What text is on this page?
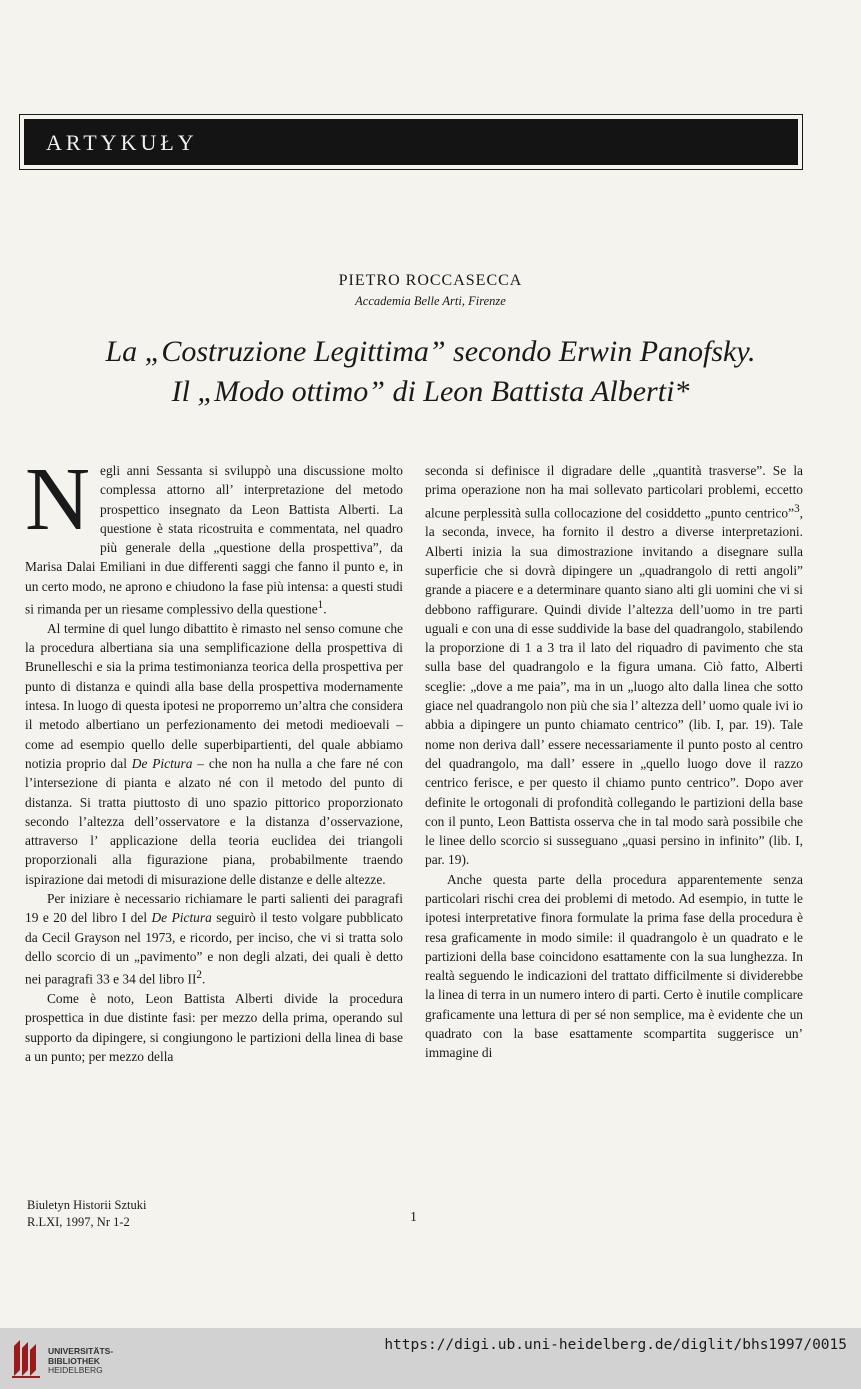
ARTYKUŁY
PIETRO ROCCASECCA
Accademia Belle Arti, Firenze
La „Costruzione Legittima” secondo Erwin Panofsky.
Il „Modo ottimo” di Leon Battista Alberti*

Negli anni Sessanta si sviluppò una discussione molto complessa attorno all’ interpretazione del metodo prospettico insegnato da Leon Battista Alberti. La questione è stata ricostruita e commentata, nel quadro più generale della „questione della prospettiva”, da Marisa Dalai Emiliani in due differenti saggi che fanno il punto e, in un certo modo, ne aprono e chiudono la fase più intensa: a questi studi si rimanda per un riesame complessivo della questione$^1$.

Al termine di quel lungo dibattito è rimasto nel senso comune che la procedura albertiana sia una semplificazione della prospettiva di Brunelleschi e sia la prima testimonianza teorica della prospettiva per punto di distanza e quindi alla base della prospettiva modernamente intesa. In luogo di questa ipotesi ne proporremo un’altra che considera il metodo albertiano un perfezionamento dei metodi medioevali – come ad esempio quello delle superbipartienti, del quale abbiamo notizia proprio dal De Pictura – che non ha nulla a che fare né con l’intersezione di pianta e alzato né con il metodo del punto di distanza. Si tratta piuttosto di uno spazio pittorico proporzionato secondo l’altezza dell’osservatore e la distanza d’osservazione, attraverso l’ applicazione della teoria euclidea dei triangoli proporzionali alla figurazione piana, probabilmente traendo ispirazione dai metodi di misurazione delle distanze e delle altezze.

Per iniziare è necessario richiamare le parti salienti dei paragrafi 19 e 20 del libro I del De Pictura seguirò il testo volgare pubblicato da Cecil Grayson nel 1973, e ricordo, per inciso, che vi si tratta solo dello scorcio di un „pavimento” e non degli alzati, dei quali è detto nei paragrafi 33 e 34 del libro $II^2$.

Come è noto, Leon Battista Alberti divide la procedura prospettica in due distinte fasi: per mezzo della prima, operando sul supporto da dipingere, si congiungono le partizioni della linea di base a un punto; per mezzo della

seconda si definisce il digradare delle „quantità trasverse”. Se la prima operazione non ha mai sollevato particolari problemi, eccetto alcune perplessità sulla collocazione del cosiddetto „punto centrico”$^3$, la seconda, invece, ha fornito il destro a diverse interpretazioni. Alberti inizia la sua dimostrazione invitando a disegnare sulla superficie che si dovrà dipingere un „quadrangolo di retti angoli” grande a piacere e a determinare quanto siano alti gli uomini che vi si debbono raffigurare. Quindi divide l’altezza dell’uomo in tre parti uguali e con una di esse suddivide la base del quadrangolo, stabilendo la proporzione di 1 a 3 tra il lato del riquadro di pavimento che sta sulla base del quadrangolo e la figura umana. Ciò fatto, Alberti sceglie: „dove a me paia”, ma in un „luogo alto dalla linea che sotto giace nel quadrangolo non più che sia l’ altezza dell’ uomo quale ivi io abbia a dipingere un punto chiamato centrico” (lib. I, par. 19). Tale nome non deriva dall’ essere necessariamente il punto posto al centro del quadrangolo, ma dall’ essere in „quello luogo dove il razzo centrico ferisce, e per questo il chiamo punto centrico”. Dopo aver definite le ortogonali di profondità collegando le partizioni della base con il punto, Leon Battista osserva che in tal modo sarà possibile che le linee dello scorcio si susseguano „quasi persino in infinito” (lib. I, par. 19).

Anche questa parte della procedura apparentemente senza particolari rischi crea dei problemi di metodo. Ad esempio, in tutte le ipotesi interpretative finora formulate la prima fase della procedura è resa graficamente in modo simile: il quadrangolo è un quadrato e le partizioni della base coincidono esattamente con la sua lunghezza. In realtà seguendo le indicazioni del trattato difficilmente si dividerebbe la linea di terra in un numero intero di parti. Certo è inutile complicare graficamente una lettura di per sé non semplice, ma è evidente che un quadrato con la base esattamente scompartita suggerisce un’ immagine di

Biuletyn Historii Sztuki
R.LXI, 1997, Nr 1-2	1
UNIVERSITÄTS-
BIBLIOTHEK
HEIDELBERG
https://digi.ub.uni-heidelberg.de/diglit/bhs1997/0015
